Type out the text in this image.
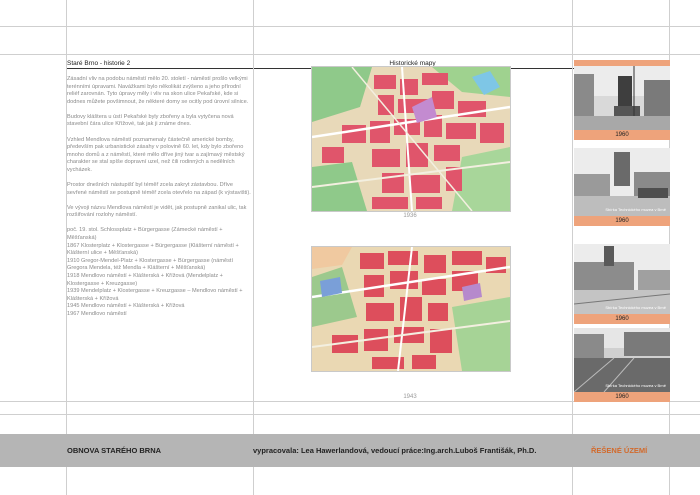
Staré Brno - historie 2	Historické mapy

Zásadní vliv na podobu náměstí mělo 20. století - náměstí prošlo velkými terénními úpravami. Navážkami bylo několikát zvýšeno a jeho přírodní reliéf zarovnán. Tyto úpravy měly i vliv na skon ulice Pekařské, kde si dodnes můžete povšimnout, že některé domy se ocitly pod úrovní silnice.

Budovy kláštera u ústí Pekařské byly zbořeny a byla vytyčena nová stavební čára ulice Křížové, tak jak ji známe dnes.

Vzhled Mendlova náměstí poznamenaly částečně americké bomby, především pak urbanistické zásahy v polovině 60. let, kdy bylo zbořeno mnoho domů a z náměstí, které mělo dříve jiný tvar a zajímavý městský charakter se stal spíše dopravní uzel, než čili rodinných a nedělních vycházek.

Prostor dnešních nástupišť byl téměř zcela zakryt zástavbou. Dříve sevřené náměstí se postupně téměř zcela otevřelo na západ (k výstavišti).

Ve vývoji názvu Mendlova náměstí je vidět, jak postupně zanikal ulic, tak rozšiřování rozlohy náměstí.

poč. 19. stol. Schlossplatz + Bürgergasse (Zámecké náměstí + Měšťanská)
1867 Klosterplatz + Klostergasse + Bürgergasse (Klášterní náměstí + Klášterní ulice + Měšťanská)
1910 Gregor-Mendel-Platz + Klostergasse + Bürgergasse (náměstí Gregora Mendela, též Mendla + Klášterní + Měšťanská)
1918 Mendlovo náměstí + Klášterská + Křížová (Mendelplatz + Klostergasse + Kreuzgasse)
1939 Mendelplatz + Klostergasse + Kreuzgasse – Mendlovo náměstí + Klášterská + Křížová
1945 Mendlovo náměstí + Klášterská + Křížová
1967 Mendlovo náměstí
1936
1943
1960
Sbírka Technického muzea v Brně
1960
Sbírka Technického muzea v Brně
1960
Sbírka Technického muzea v Brně
1960
OBNOVA STARÉHO BRNA	vypracovala: Lea Hawerlandová, vedoucí práce:Ing.arch.Luboš Františák, Ph.D.	ŘEŠENÉ ÚZEMÍ
